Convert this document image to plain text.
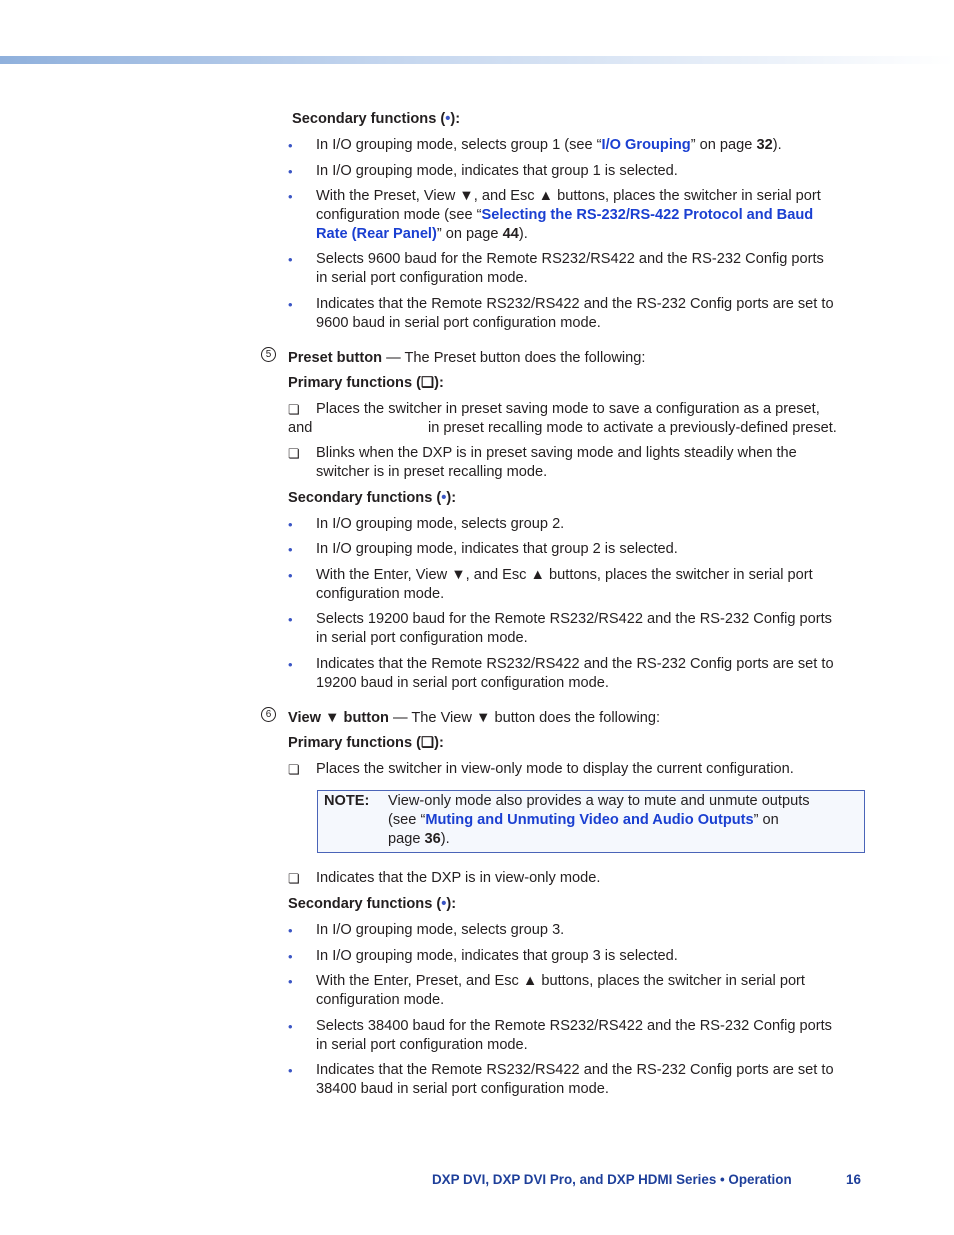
Secondary functions (•):
• In I/O grouping mode, selects group 1 (see “I/O Grouping” on page 32).
• In I/O grouping mode, indicates that group 1 is selected.
• With the Preset, View ▼, and Esc ▲ buttons, places the switcher in serial port
configuration mode (see “Selecting the RS-232/RS-422 Protocol and Baud
Rate (Rear Panel)” on page 44).
• Selects 9600 baud for the Remote RS232/RS422 and the RS-232 Config ports
in serial port configuration mode.
• Indicates that the Remote RS232/RS422 and the RS-232 Config ports are set to
9600 baud in serial port configuration mode.
5	Preset button — The Preset button does the following:
Primary functions (❏):
❏ Places the switcher in preset saving mode to save a configuration as a preset,
and	in preset recalling mode to activate a previously-defined preset.
❏ Blinks when the DXP is in preset saving mode and lights steadily when the
switcher is in preset recalling mode.
Secondary functions (•):
• In I/O grouping mode, selects group 2.
• In I/O grouping mode, indicates that group 2 is selected.
• With the Enter, View ▼, and Esc ▲ buttons, places the switcher in serial port
configuration mode.
• Selects 19200 baud for the Remote RS232/RS422 and the RS-232 Config ports
in serial port configuration mode.
• Indicates that the Remote RS232/RS422 and the RS-232 Config ports are set to
19200 baud in serial port configuration mode.
6	View ▼ button — The View ▼ button does the following:
Primary functions (❏):
❏ Places the switcher in view-only mode to display the current configuration.
NOTE: View-only mode also provides a way to mute and unmute outputs
(see “Muting and Unmuting Video and Audio Outputs” on
page 36).
❏ Indicates that the DXP is in view-only mode.
Secondary functions (•):
• In I/O grouping mode, selects group 3.
• In I/O grouping mode, indicates that group 3 is selected.
• With the Enter, Preset, and Esc ▲ buttons, places the switcher in serial port
configuration mode.
• Selects 38400 baud for the Remote RS232/RS422 and the RS-232 Config ports
in serial port configuration mode.
• Indicates that the Remote RS232/RS422 and the RS-232 Config ports are set to
38400 baud in serial port configuration mode.
DXP DVI, DXP DVI Pro, and DXP HDMI Series • Operation	16
